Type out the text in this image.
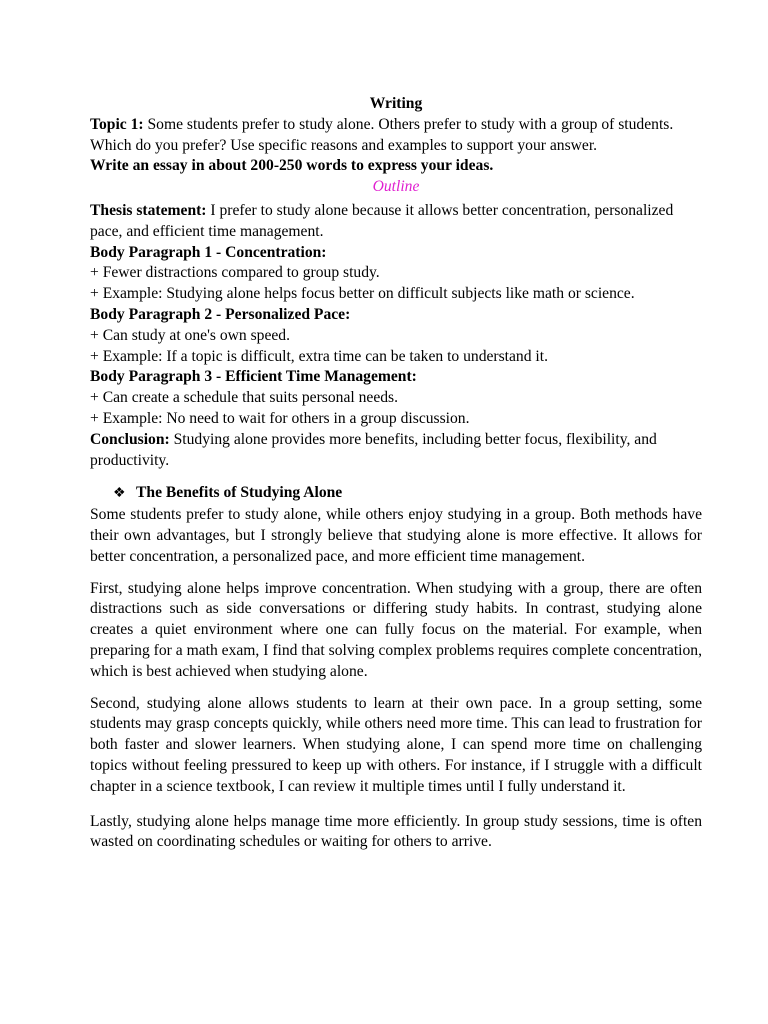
Writing

Topic 1: Some students prefer to study alone. Others prefer to study with a group of students. Which do you prefer? Use specific reasons and examples to support your answer.

Write an essay in about 200-250 words to express your ideas.

Outline

Thesis statement: I prefer to study alone because it allows better concentration, personalized pace, and efficient time management.

Body Paragraph 1 - Concentration:

+ Fewer distractions compared to group study.

+ Example: Studying alone helps focus better on difficult subjects like math or science.

Body Paragraph 2 - Personalized Pace:

+ Can study at one's own speed.

+ Example: If a topic is difficult, extra time can be taken to understand it.

Body Paragraph 3 - Efficient Time Management:

+ Can create a schedule that suits personal needs.

+ Example: No need to wait for others in a group discussion.

Conclusion: Studying alone provides more benefits, including better focus, flexibility, and productivity.

❖ The Benefits of Studying Alone

Some students prefer to study alone, while others enjoy studying in a group. Both methods have their own advantages, but I strongly believe that studying alone is more effective. It allows for better concentration, a personalized pace, and more efficient time management.

First, studying alone helps improve concentration. When studying with a group, there are often distractions such as side conversations or differing study habits. In contrast, studying alone creates a quiet environment where one can fully focus on the material. For example, when preparing for a math exam, I find that solving complex problems requires complete concentration, which is best achieved when studying alone.

Second, studying alone allows students to learn at their own pace. In a group setting, some students may grasp concepts quickly, while others need more time. This can lead to frustration for both faster and slower learners. When studying alone, I can spend more time on challenging topics without feeling pressured to keep up with others. For instance, if I struggle with a difficult chapter in a science textbook, I can review it multiple times until I fully understand it.

Lastly, studying alone helps manage time more efficiently. In group study sessions, time is often wasted on coordinating schedules or waiting for others to arrive.
